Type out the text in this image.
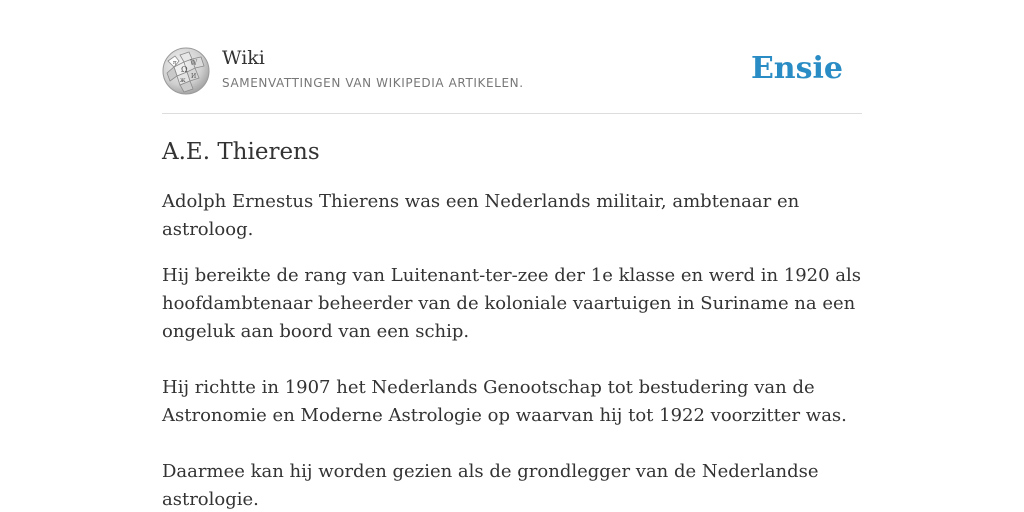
Ω
W
ग
И
ж
Wiki
SAMENVATTINGEN VAN WIKIPEDIA ARTIKELEN.	Ensie
A.E. Thierens

Adolph Ernestus Thierens was een Nederlands militair, ambtenaar en astroloog.

Hij bereikte de rang van Luitenant-ter-zee der 1e klasse en werd in 1920 als hoofdambtenaar beheerder van de koloniale vaartuigen in Suriname na een ongeluk aan boord van een schip.

Hij richtte in 1907 het Nederlands Genootschap tot bestudering van de Astronomie en Moderne Astrologie op waarvan hij tot 1922 voorzitter was.

Daarmee kan hij worden gezien als de grondlegger van de Nederlandse astrologie.
